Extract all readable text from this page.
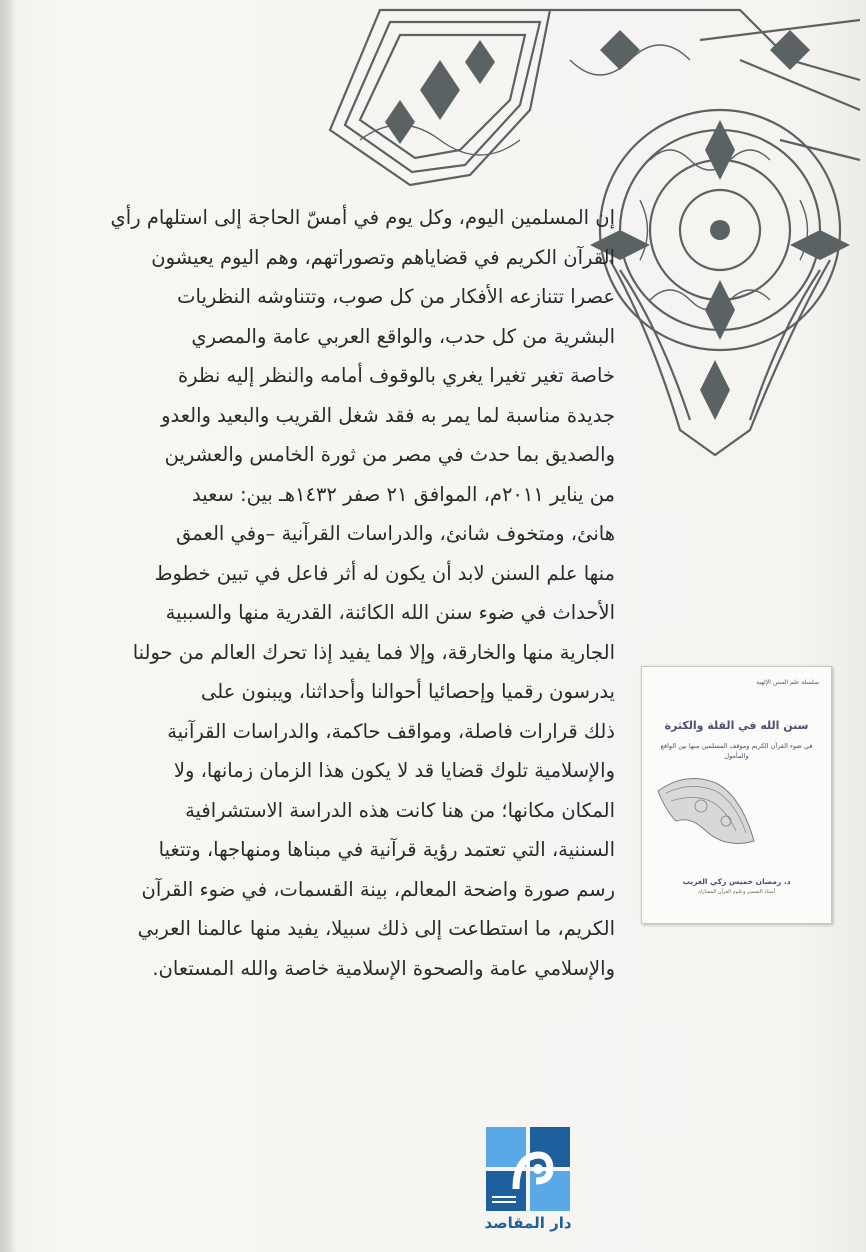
إن المسلمين اليوم، وكل يوم في أمسّ الحاجة إلى استلهام رأي
القرآن الكريم في قضاياهم وتصوراتهم، وهم اليوم يعيشون
عصرا تتنازعه الأفكار من كل صوب، وتتناوشه النظريات
البشرية من كل حدب، والواقع العربي عامة والمصري
خاصة تغير تغيرا يغري بالوقوف أمامه والنظر إليه نظرة
جديدة مناسبة لما يمر به فقد شغل القريب والبعيد والعدو
والصديق بما حدث في مصر من ثورة الخامس والعشرين
من يناير ٢٠١١م، الموافق ٢١ صفر ١٤٣٢هـ بين: سعيد
هانئ، ومتخوف شانئ، والدراسات القرآنية –وفي العمق
منها علم السنن لابد أن يكون له أثر فاعل في تبين خطوط
الأحداث في ضوء سنن الله الكائنة، القدرية منها والسببية
الجارية منها والخارقة، وإلا فما يفيد إذا تحرك العالم من حولنا
يدرسون رقميا وإحصائيا أحوالنا وأحداثنا، ويبنون على
ذلك قرارات فاصلة، ومواقف حاكمة، والدراسات القرآنية
والإسلامية تلوك قضايا قد لا يكون هذا الزمان زمانها، ولا
المكان مكانها؛ من هنا كانت هذه الدراسة الاستشرافية
السننية، التي تعتمد رؤية قرآنية في مبناها ومنهاجها، وتتغيا
رسم صورة واضحة المعالم، بينة القسمات، في ضوء القرآن
الكريم، ما استطاعت إلى ذلك سبيلا، يفيد منها عالمنا العربي
والإسلامي عامة والصحوة الإسلامية خاصة والله المستعان.

سلسلة علم السنن الإلهية
سنن الله في القلة والكثرة
في ضوء القرآن الكريم وموقف المسلمين منها بين الواقع والمأمول
د. رمضان خميس زكي الغريب
أستاذ التفسير وعلوم القرآن المشارك
دار المقاصد
